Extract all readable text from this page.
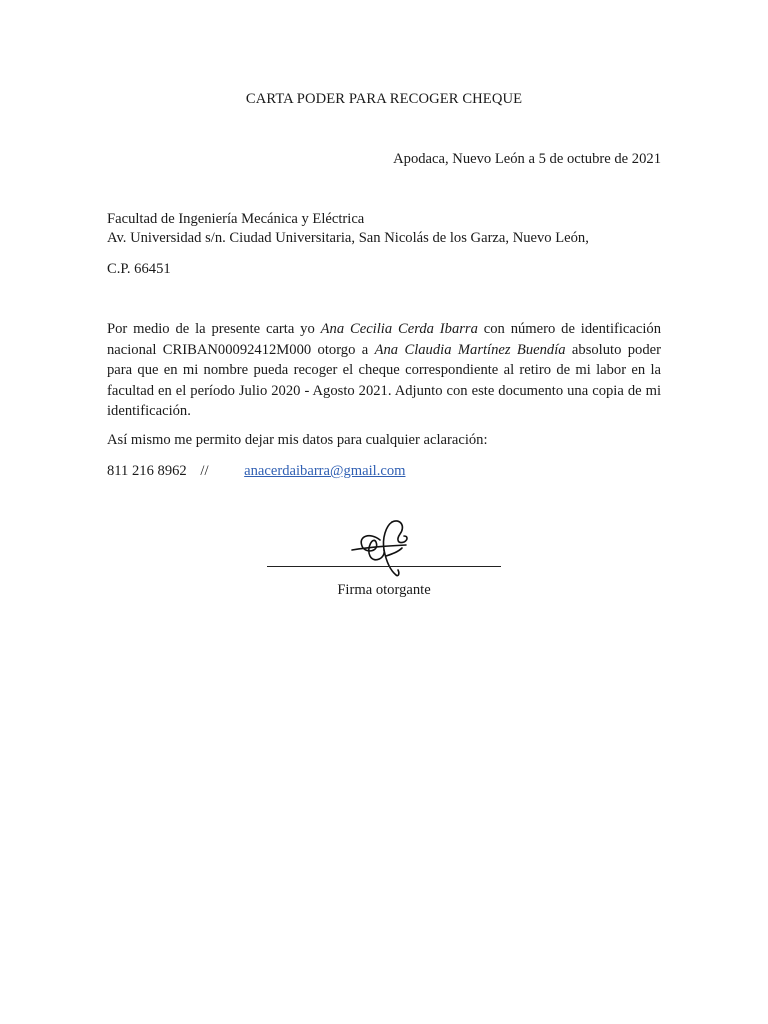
CARTA PODER PARA RECOGER CHEQUE
Apodaca, Nuevo León a 5 de octubre de 2021
Facultad de Ingeniería Mecánica y Eléctrica
Av. Universidad s/n. Ciudad Universitaria, San Nicolás de los Garza, Nuevo León,
C.P. 66451
Por medio de la presente carta yo Ana Cecilia Cerda Ibarra con número de identificación nacional CRIBAN00092412M000 otorgo a Ana Claudia Martínez Buendía absoluto poder para que en mi nombre pueda recoger el cheque correspondiente al retiro de mi labor en la facultad en el período Julio 2020 - Agosto 2021. Adjunto con este documento una copia de mi identificación.
Así mismo me permito dejar mis datos para cualquier aclaración:
811 216 8962 // anacerdaibarra@gmail.com
Firma otorgante
